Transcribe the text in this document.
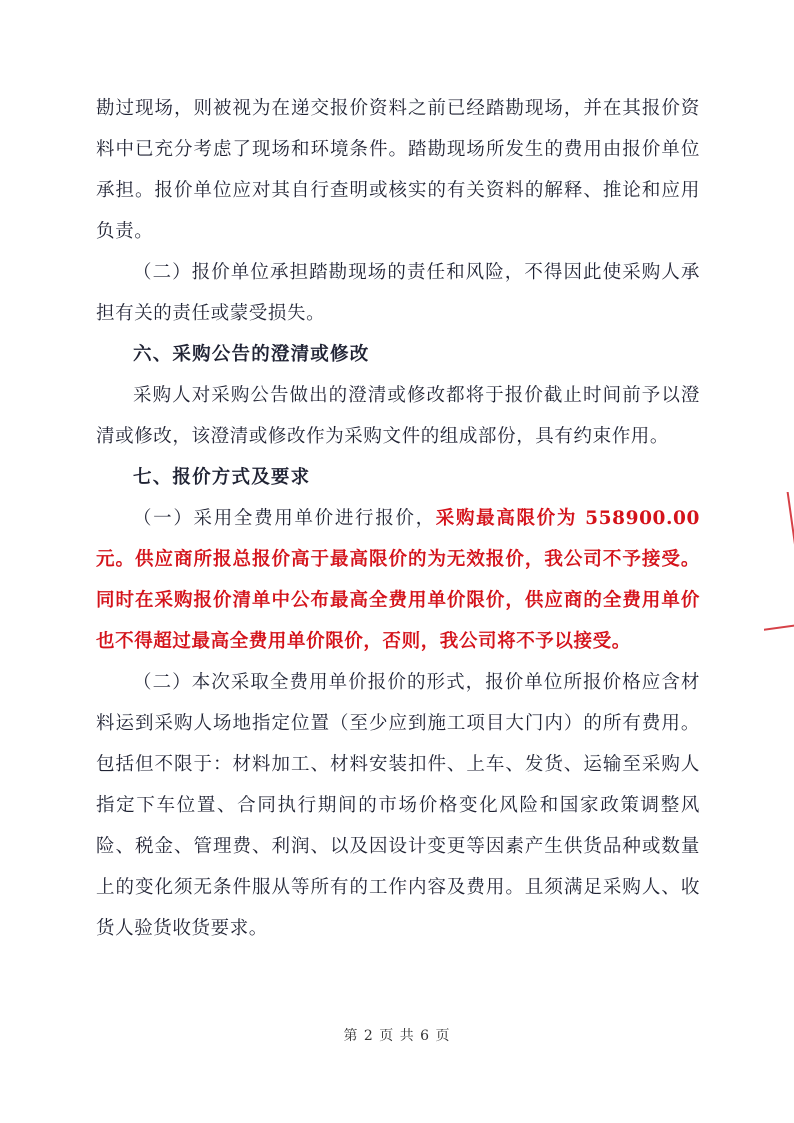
勘过现场，则被视为在递交报价资料之前已经踏勘现场，并在其报价资料中已充分考虑了现场和环境条件。踏勘现场所发生的费用由报价单位承担。报价单位应对其自行查明或核实的有关资料的解释、推论和应用负责。

（二）报价单位承担踏勘现场的责任和风险，不得因此使采购人承担有关的责任或蒙受损失。

六、采购公告的澄清或修改

采购人对采购公告做出的澄清或修改都将于报价截止时间前予以澄清或修改，该澄清或修改作为采购文件的组成部份，具有约束作用。

七、报价方式及要求

（一）采用全费用单价进行报价，采购最高限价为 558900.00 元。供应商所报总报价高于最高限价的为无效报价，我公司不予接受。同时在采购报价清单中公布最高全费用单价限价，供应商的全费用单价也不得超过最高全费用单价限价，否则，我公司将不予以接受。

（二）本次采取全费用单价报价的形式，报价单位所报价格应含材料运到采购人场地指定位置（至少应到施工项目大门内）的所有费用。包括但不限于：材料加工、材料安装扣件、上车、发货、运输至采购人指定下车位置、合同执行期间的市场价格变化风险和国家政策调整风险、税金、管理费、利润、以及因设计变更等因素产生供货品种或数量上的变化须无条件服从等所有的工作内容及费用。且须满足采购人、收货人验货收货要求。

第 2 页 共 6 页
